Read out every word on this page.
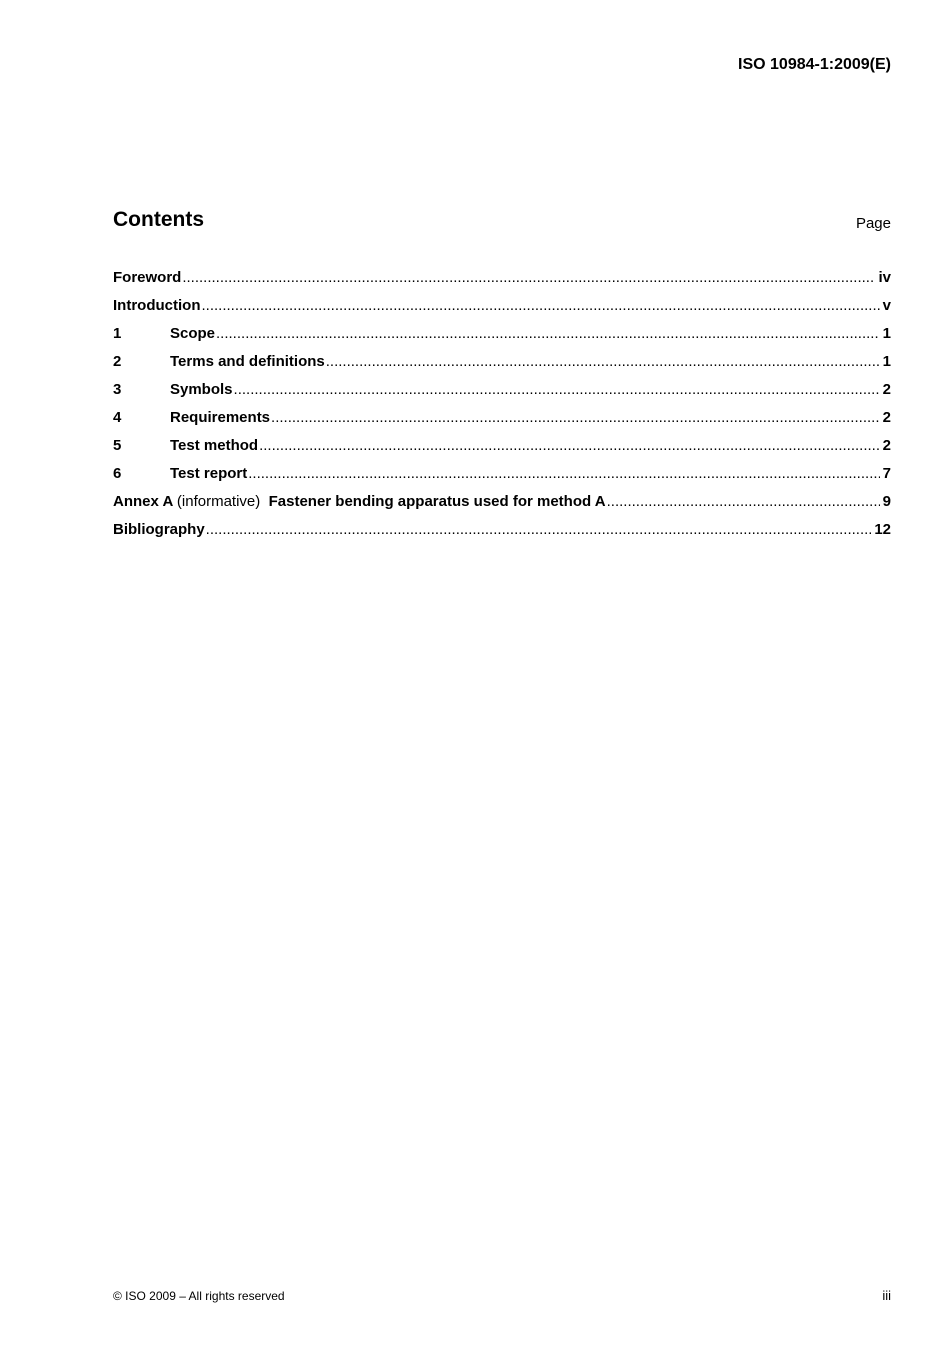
ISO 10984-1:2009(E)
Contents	Page
Foreword .....	iv
Introduction .....	v
1	Scope .....	1
2	Terms and definitions .....	1
3	Symbols .....	2
4	Requirements .....	2
5	Test method .....	2
6	Test report .....	7
Annex A (informative) Fastener bending apparatus used for method A .....	9
Bibliography .....	12
© ISO 2009 – All rights reserved	iii
